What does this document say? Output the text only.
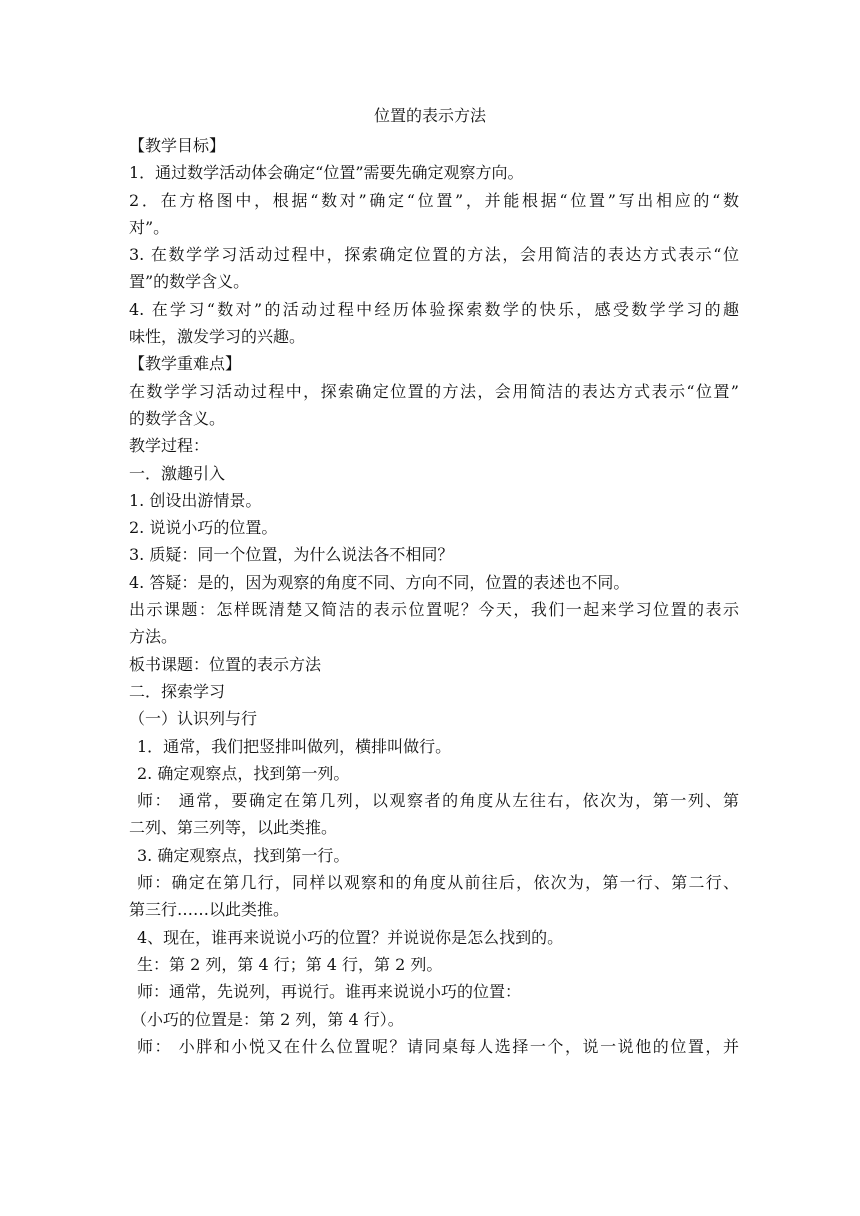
位置的表示方法
【教学目标】
1．通过数学活动体会确定“位置”需要先确定观察方向。
2．在方格图中，根据“数对”确定“位置”，并能根据“位置”写出相应的“数
对”。
3. 在数学学习活动过程中，探索确定位置的方法，会用简洁的表达方式表示“位
置”的数学含义。
4. 在学习“数对”的活动过程中经历体验探索数学的快乐，感受数学学习的趣
味性，激发学习的兴趣。
【教学重难点】
在数学学习活动过程中，探索确定位置的方法，会用简洁的表达方式表示“位置”
的数学含义。
教学过程：
一．激趣引入
1. 创设出游情景。
2. 说说小巧的位置。
3. 质疑：同一个位置，为什么说法各不相同？
4. 答疑：是的，因为观察的角度不同、方向不同，位置的表述也不同。
出示课题：怎样既清楚又简洁的表示位置呢？今天，我们一起来学习位置的表示
方法。
板书课题：位置的表示方法
二．探索学习
（一）认识列与行
1．通常，我们把竖排叫做列，横排叫做行。
2. 确定观察点，找到第一列。
师： 通常，要确定在第几列，以观察者的角度从左往右，依次为，第一列、第
二列、第三列等，以此类推。
3. 确定观察点，找到第一行。
师：确定在第几行，同样以观察和的角度从前往后，依次为，第一行、第二行、
第三行……以此类推。
4、现在，谁再来说说小巧的位置？并说说你是怎么找到的。
生：第 2 列，第 4 行；第 4 行，第 2 列。
师：通常，先说列，再说行。谁再来说说小巧的位置：
（小巧的位置是：第 2 列，第 4 行）。
师： 小胖和小悦又在什么位置呢？请同桌每人选择一个，说一说他的位置，并
